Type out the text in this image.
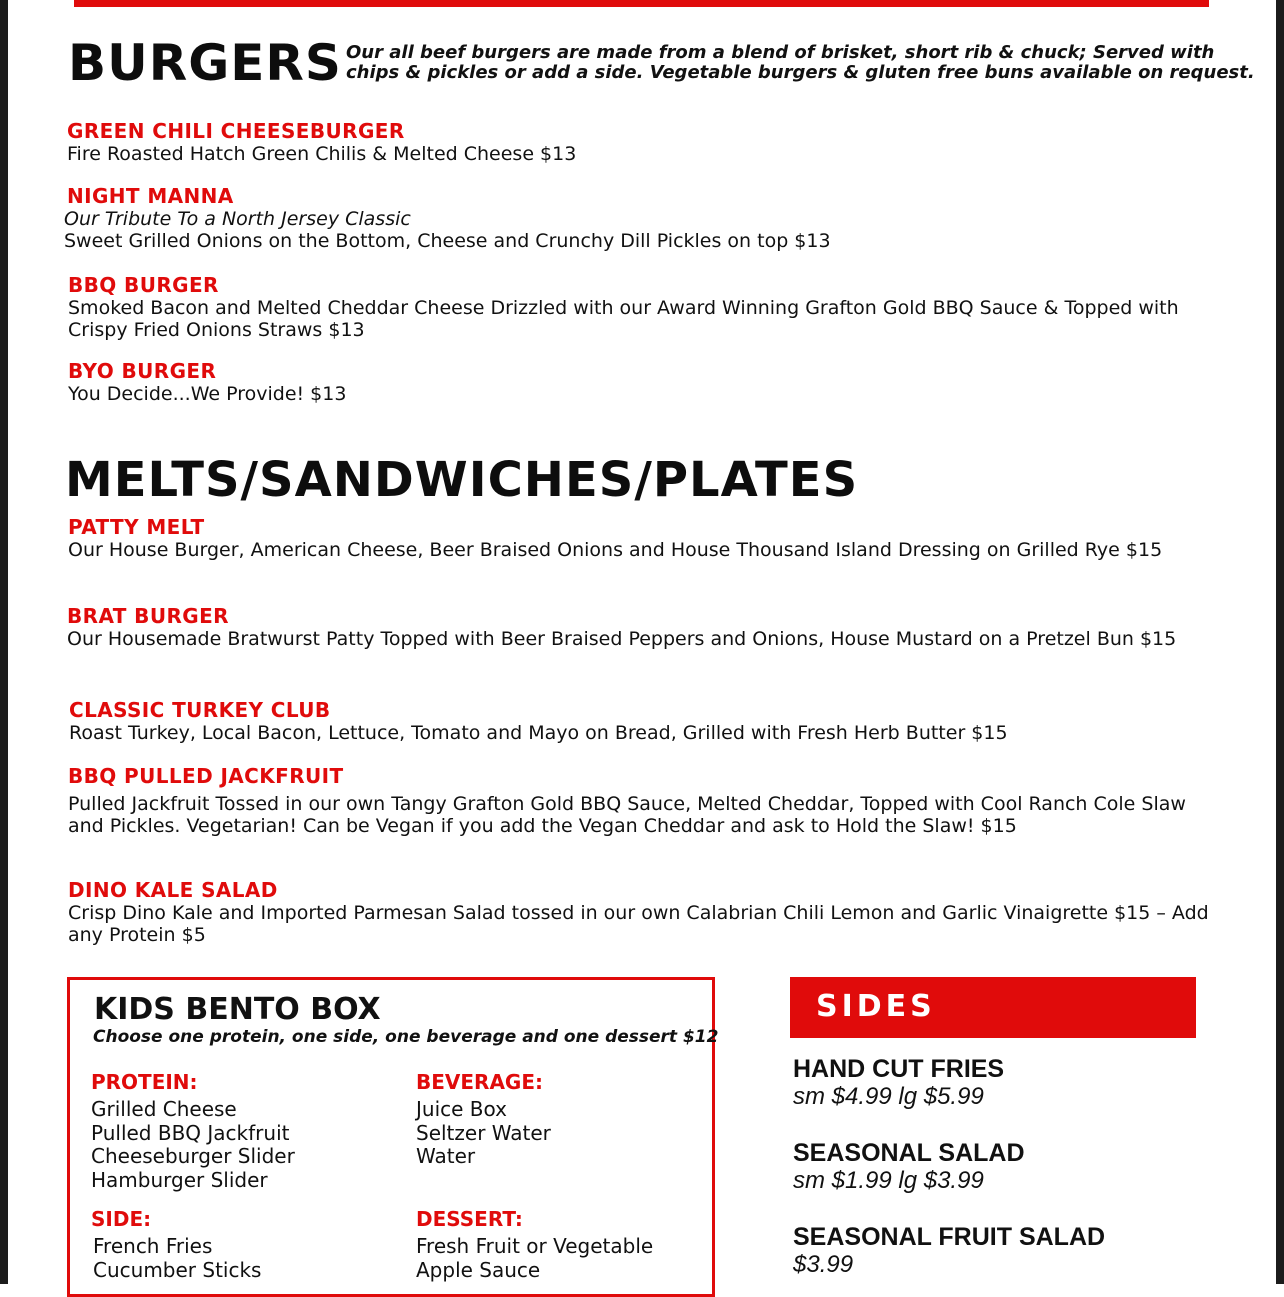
BURGERS Our all beef burgers are made from a blend of brisket, short rib & chuck; Served with
chips & pickles or add a side. Vegetable burgers & gluten free buns available on request.
GREEN CHILI CHEESEBURGER
Fire Roasted Hatch Green Chilis & Melted Cheese $13
NIGHT MANNA
Our Tribute To a North Jersey Classic
Sweet Grilled Onions on the Bottom, Cheese and Crunchy Dill Pickles on top $13
BBQ BURGER
Smoked Bacon and Melted Cheddar Cheese Drizzled with our Award Winning Grafton Gold BBQ Sauce & Topped with Crispy Fried Onions Straws $13
BYO BURGER
You Decide...We Provide! $13
MELTS/SANDWICHES/PLATES
PATTY MELT
Our House Burger, American Cheese, Beer Braised Onions and House Thousand Island Dressing on Grilled Rye $15
BRAT BURGER
Our Housemade Bratwurst Patty Topped with Beer Braised Peppers and Onions, House Mustard on a Pretzel Bun $15
CLASSIC TURKEY CLUB
Roast Turkey, Local Bacon, Lettuce, Tomato and Mayo on Bread, Grilled with Fresh Herb Butter $15
BBQ PULLED JACKFRUIT
Pulled Jackfruit Tossed in our own Tangy Grafton Gold BBQ Sauce, Melted Cheddar, Topped with Cool Ranch Cole Slaw and Pickles. Vegetarian! Can be Vegan if you add the Vegan Cheddar and ask to Hold the Slaw! $15
DINO KALE SALAD
Crisp Dino Kale and Imported Parmesan Salad tossed in our own Calabrian Chili Lemon and Garlic Vinaigrette $15 – Add any Protein $5
KIDS BENTO BOX
Choose one protein, one side, one beverage and one dessert $12
PROTEIN:
Grilled Cheese
Pulled BBQ Jackfruit
Cheeseburger Slider
Hamburger Slider
BEVERAGE:
Juice Box
Seltzer Water
Water
SIDE:
French Fries
Cucumber Sticks
DESSERT:
Fresh Fruit or Vegetable
Apple Sauce
SIDES
HAND CUT FRIES
sm $4.99 lg $5.99
SEASONAL SALAD
sm $1.99 lg $3.99
SEASONAL FRUIT SALAD
$3.99
